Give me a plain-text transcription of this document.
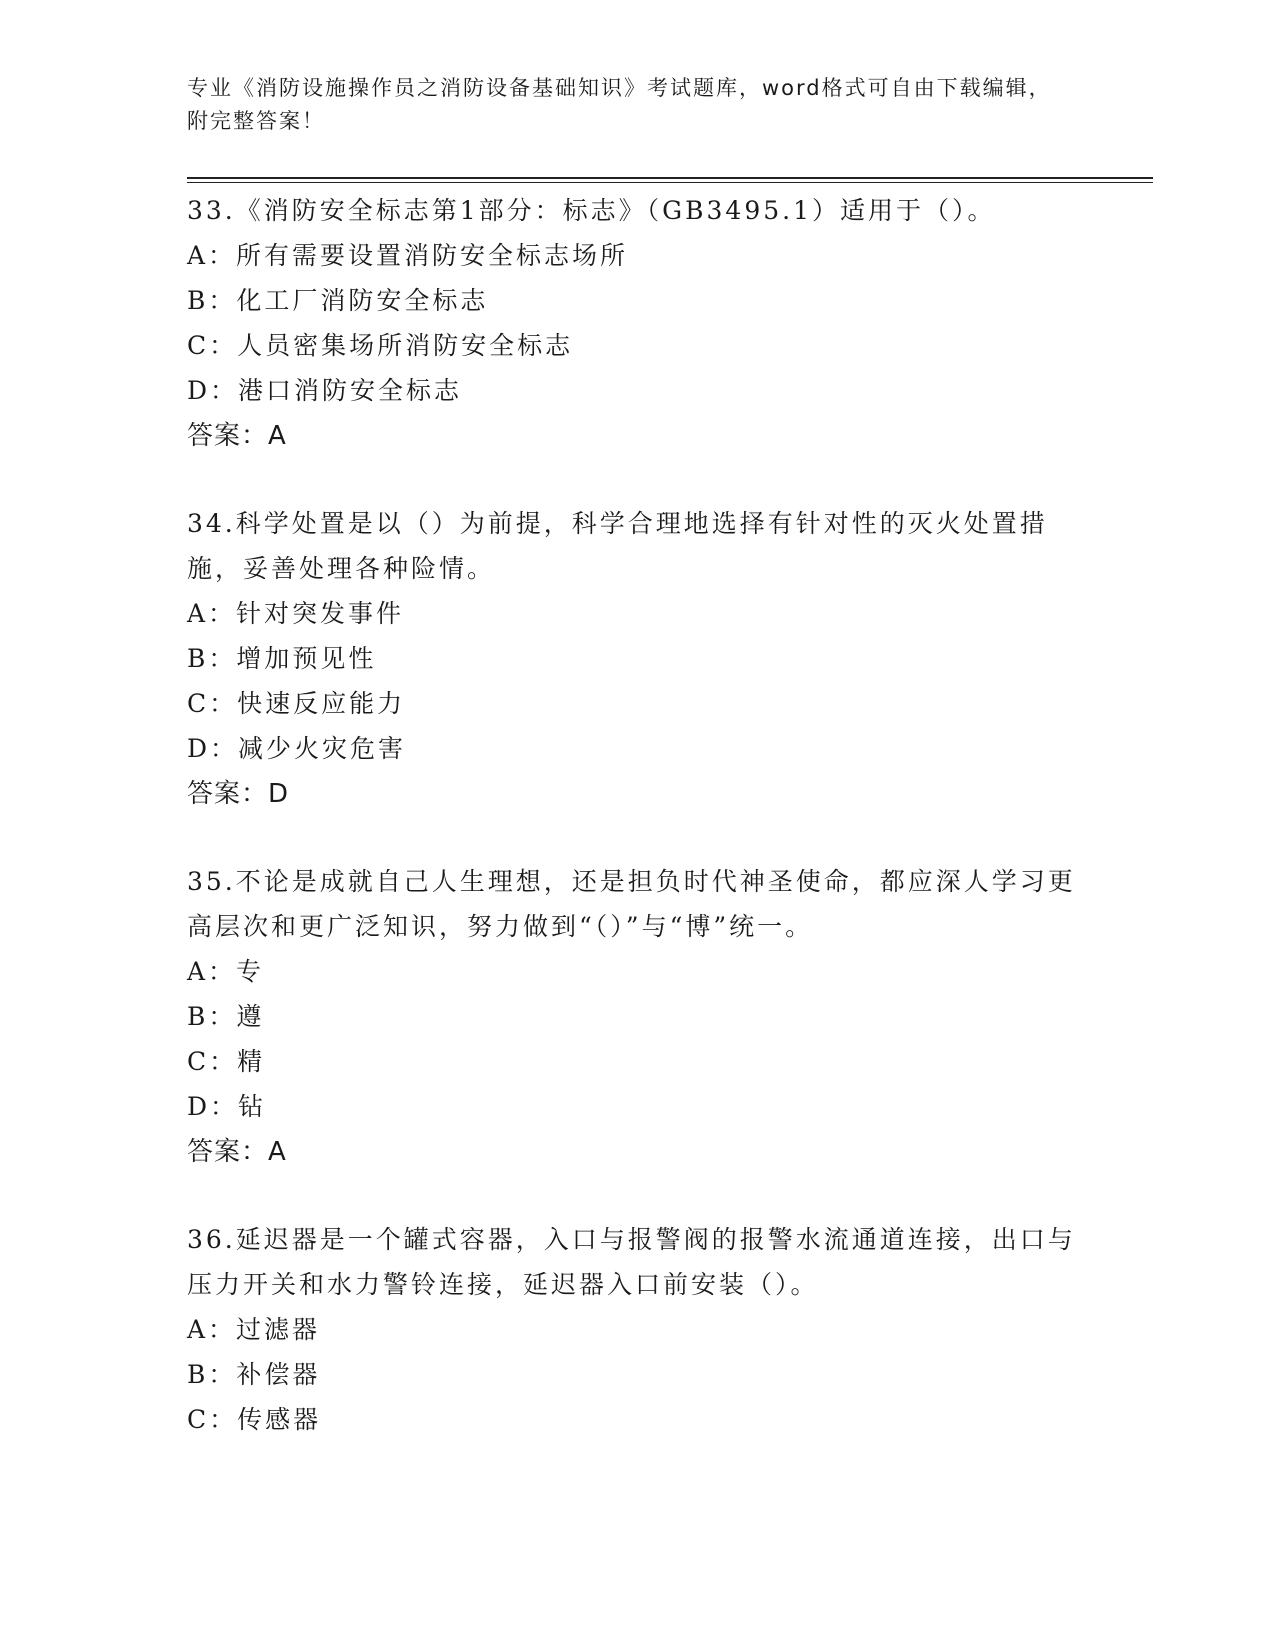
专业《消防设施操作员之消防设备基础知识》考试题库，word格式可自由下载编辑，附完整答案！
33.《消防安全标志第1部分：标志》（GB3495.1）适用于（）。
A：所有需要设置消防安全标志场所
B：化工厂消防安全标志
C：人员密集场所消防安全标志
D：港口消防安全标志
答案：A
34.科学处置是以（）为前提，科学合理地选择有针对性的灭火处置措施，妥善处理各种险情。
A：针对突发事件
B：增加预见性
C：快速反应能力
D：减少火灾危害
答案：D
35.不论是成就自己人生理想，还是担负时代神圣使命，都应深人学习更高层次和更广泛知识，努力做到“（）”与“博”统一。
A：专
B：遵
C：精
D：钻
答案：A
36.延迟器是一个罐式容器，入口与报警阀的报警水流通道连接，出口与压力开关和水力警铃连接，延迟器入口前安装（）。
A：过滤器
B：补偿器
C：传感器
